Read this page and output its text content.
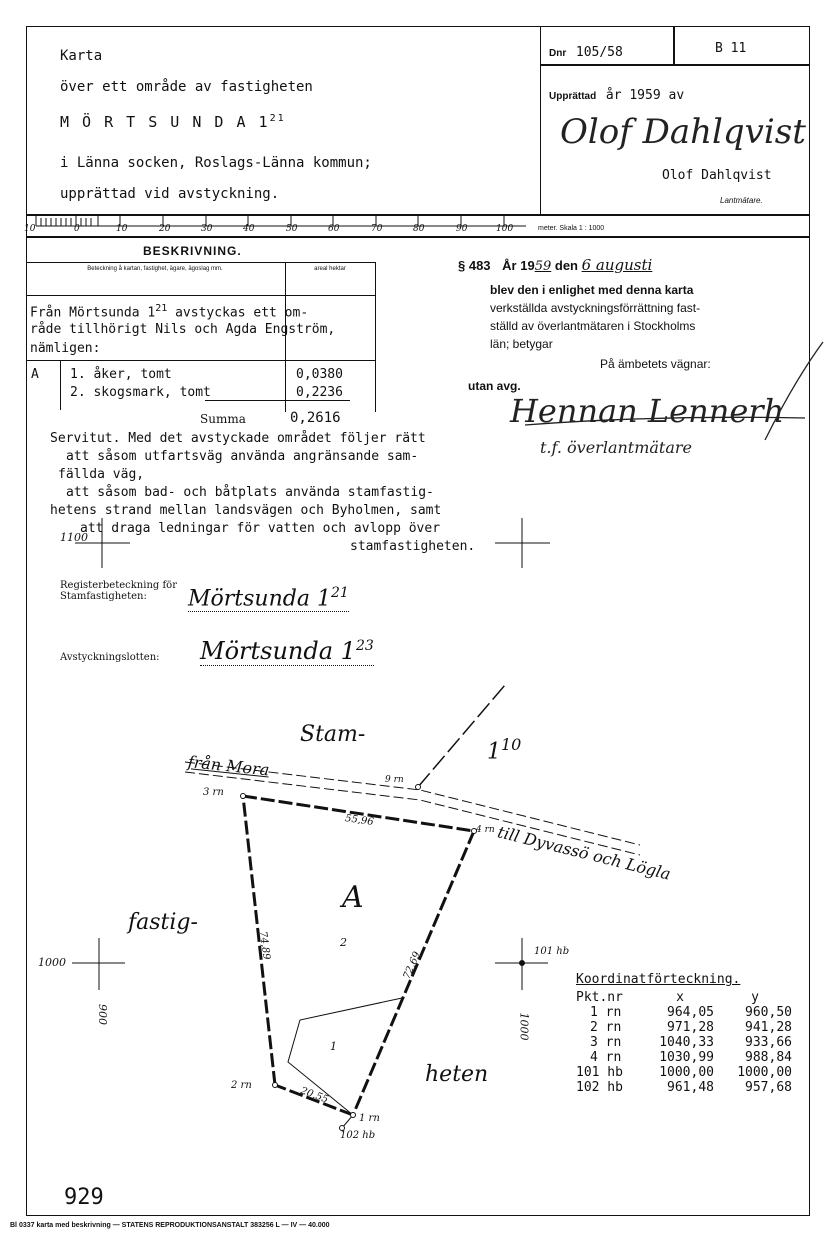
Karta
över ett område av fastigheten
M Ö R T S U N D A $1^{21}$
i Länna socken, Roslags-Länna kommun;
upprättad vid avstyckning.
Dnr 105/58	B 11
Upprättad år 1959 av
Olof Dahlqvist
Olof Dahlqvist
Lantmätare.
10	0	10	20	30	40	50	60	70	80	90	100	meter. Skala 1 : 1000
BESKRIVNING.
Beteckning å kartan, fastighet, ägare, ägoslag mm.	areal hektar
Från Mörtsunda $1^{21}$ avstyckas ett om-
råde tillhörigt Nils och Agda Engström,
nämligen:
A 1. åker, tomt	0,0380
2. skogsmark, tomt	0,2236
Summa	0,2616
Servitut. Med det avstyckade området följer rätt
att såsom utfartsväg använda angränsande sam-
fällda väg,
att såsom bad- och båtplats använda stamfastig-
hetens strand mellan landsvägen och Byholmen, samt
att draga ledningar för vatten och avlopp över
stamfastigheten.
§ 483 År 1959 den 6 augusti
blev den i enlighet med denna karta
verkställda avstyckningsförrättning fast-
ställd av överlantmätaren i Stockholms
län; betygar
På ämbetets vägnar:
utan avg.
Hennan Lennerh
t.f. överlantmätare
1100
1000
900	1000
Registerbeteckning för
Stamfastigheten:	Mörtsunda $1^{21}$
Avstyckningslotten: Mörtsunda $1^{23}$
Stam-
$1^{10}$
fastig-
heten
från Mora
till Dyvassö och Lögla
A
2
1
55,96
72,69
74,89
20,55
3 rn
4 rn
9 rn
2 rn
1 rn
102 hb
101 hb
Koordinatförteckning.
Pkt.nr	x	y
1 rn	964,05	960,50
2 rn	971,28	941,28
3 rn	1040,33	933,66
4 rn	1030,99	988,84
101 hb	1000,00	1000,00
102 hb	961,48	957,68
929
Bl 0337 karta med beskrivning — STATENS REPRODUKTIONSANSTALT 383256 L — IV — 40.000
